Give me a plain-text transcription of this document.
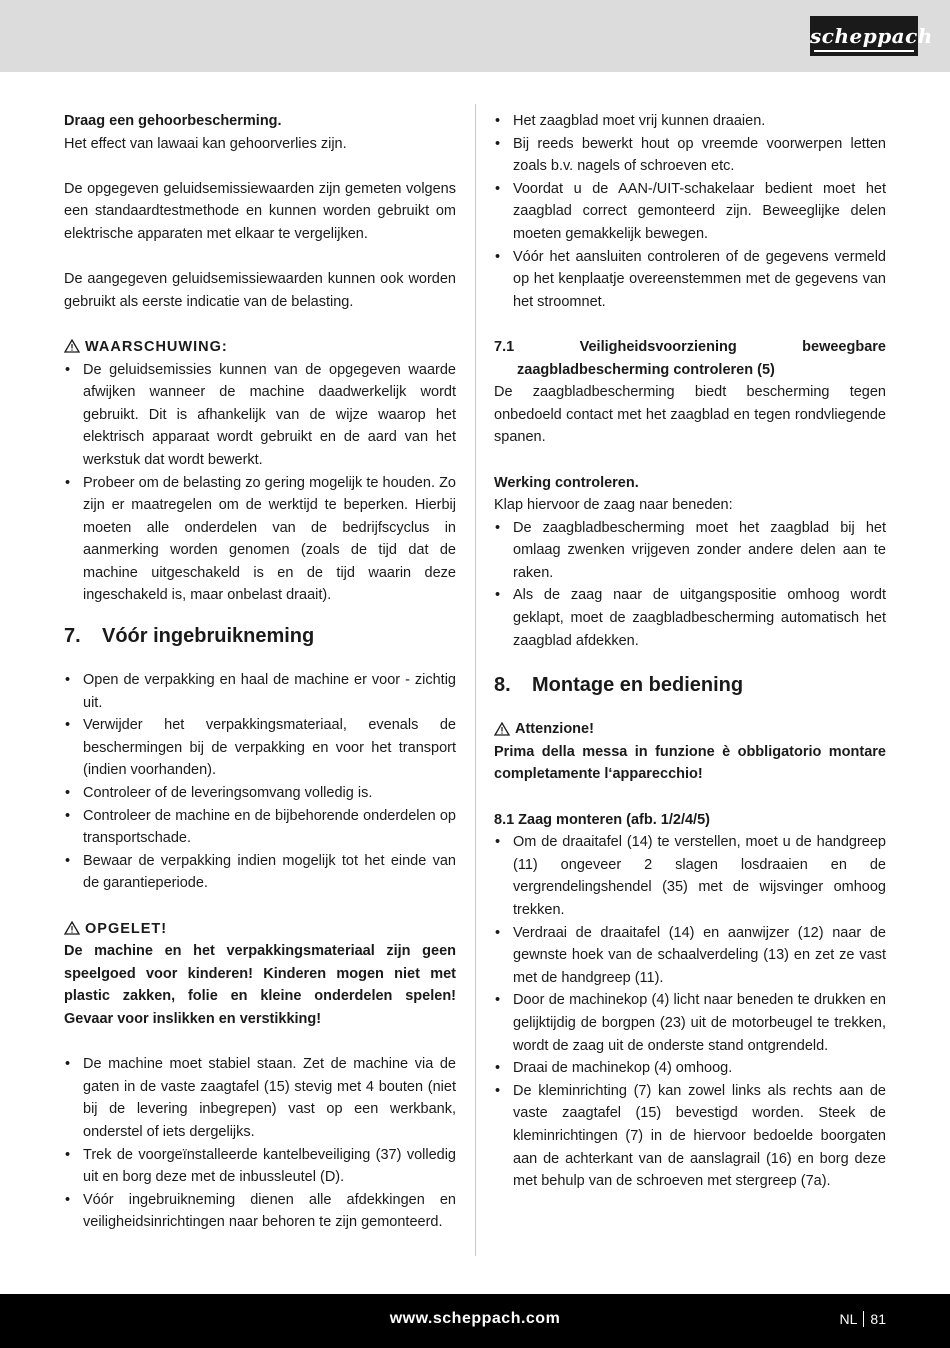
scheppach

Draag een gehoorbescherming.

Het effect van lawaai kan gehoorverlies zijn.

De opgegeven geluidsemissiewaarden zijn gemeten volgens een standaardtestmethode en kunnen worden gebruikt om elektrische apparaten met elkaar te vergelijken.

De aangegeven geluidsemissiewaarden kunnen ook worden gebruikt als eerste indicatie van de belasting.

WAARSCHUWING:
• De geluidsemissies kunnen van de opgegeven waarde afwijken wanneer de machine daadwerkelijk wordt gebruikt. Dit is afhankelijk van de wijze waarop het elektrisch apparaat wordt gebruikt en de aard van het werkstuk dat wordt bewerkt.
• Probeer om de belasting zo gering mogelijk te houden. Zo zijn er maatregelen om de werktijd te beperken. Hierbij moeten alle onderdelen van de bedrijfscyclus in aanmerking worden genomen (zoals de tijd dat de machine uitgeschakeld is en de tijd waarin deze ingeschakeld is, maar onbelast draait).
7.	Vóór ingebruikneming
• Open de verpakking en haal de machine er voor - zichtig uit.
• Verwijder het verpakkingsmateriaal, evenals de beschermingen bij de verpakking en voor het transport (indien voorhanden).
• Controleer of de leveringsomvang volledig is.
• Controleer de machine en de bijbehorende onderdelen op transportschade.
• Bewaar de verpakking indien mogelijk tot het einde van de garantieperiode.
OPGELET!

De machine en het verpakkingsmateriaal zijn geen speelgoed voor kinderen! Kinderen mogen niet met plastic zakken, folie en kleine onderdelen spelen! Gevaar voor inslikken en verstikking!

• De machine moet stabiel staan. Zet de machine via de gaten in de vaste zaagtafel (15) stevig met 4 bouten (niet bij de levering inbegrepen) vast op een werkbank, onderstel of iets dergelijks.
• Trek de voorgeïnstalleerde kantelbeveiliging (37) volledig uit en borg deze met de inbussleutel (D).
• Vóór ingebruikneming dienen alle afdekkingen en veiligheidsinrichtingen naar behoren te zijn gemonteerd.
• Het zaagblad moet vrij kunnen draaien.
• Bij reeds bewerkt hout op vreemde voorwerpen letten zoals b.v. nagels of schroeven etc.
• Voordat u de AAN-/UIT-schakelaar bedient moet het zaagblad correct gemonteerd zijn. Beweeglijke delen moeten gemakkelijk bewegen.
• Vóór het aansluiten controleren of de gegevens vermeld op het kenplaatje overeenstemmen met de gegevens van het stroomnet.

7.1 Veiligheidsvoorziening beweegbare zaagbladbescherming controleren (5)

De zaagbladbescherming biedt bescherming tegen onbedoeld contact met het zaagblad en tegen rondvliegende spanen.

Werking controleren.

Klap hiervoor de zaag naar beneden:

• De zaagbladbescherming moet het zaagblad bij het omlaag zwenken vrijgeven zonder andere delen aan te raken.
• Als de zaag naar de uitgangspositie omhoog wordt geklapt, moet de zaagbladbescherming automatisch het zaagblad afdekken.
8.	Montage en bediening
Attenzione!

Prima della messa in funzione è obbligatorio montare completamente l‘apparecchio!

8.1 Zaag monteren (afb. 1/2/4/5)

• Om de draaitafel (14) te verstellen, moet u de handgreep (11) ongeveer 2 slagen losdraaien en de vergrendelingshendel (35) met de wijsvinger omhoog trekken.
• Verdraai de draaitafel (14) en aanwijzer (12) naar de gewnste hoek van de schaalverdeling (13) en zet ze vast met de handgreep (11).
• Door de machinekop (4) licht naar beneden te drukken en gelijktijdig de borgpen (23) uit de motorbeugel te trekken, wordt de zaag uit de onderste stand ontgrendeld.
• Draai de machinekop (4) omhoog.
• De kleminrichting (7) kan zowel links als rechts aan de vaste zaagtafel (15) bevestigd worden. Steek de kleminrichtingen (7) in de hiervoor bedoelde boorgaten aan de achterkant van de aanslagrail (16) en borg deze met behulp van de schroeven met stergreep (7a).
www.scheppach.com	NL 81
